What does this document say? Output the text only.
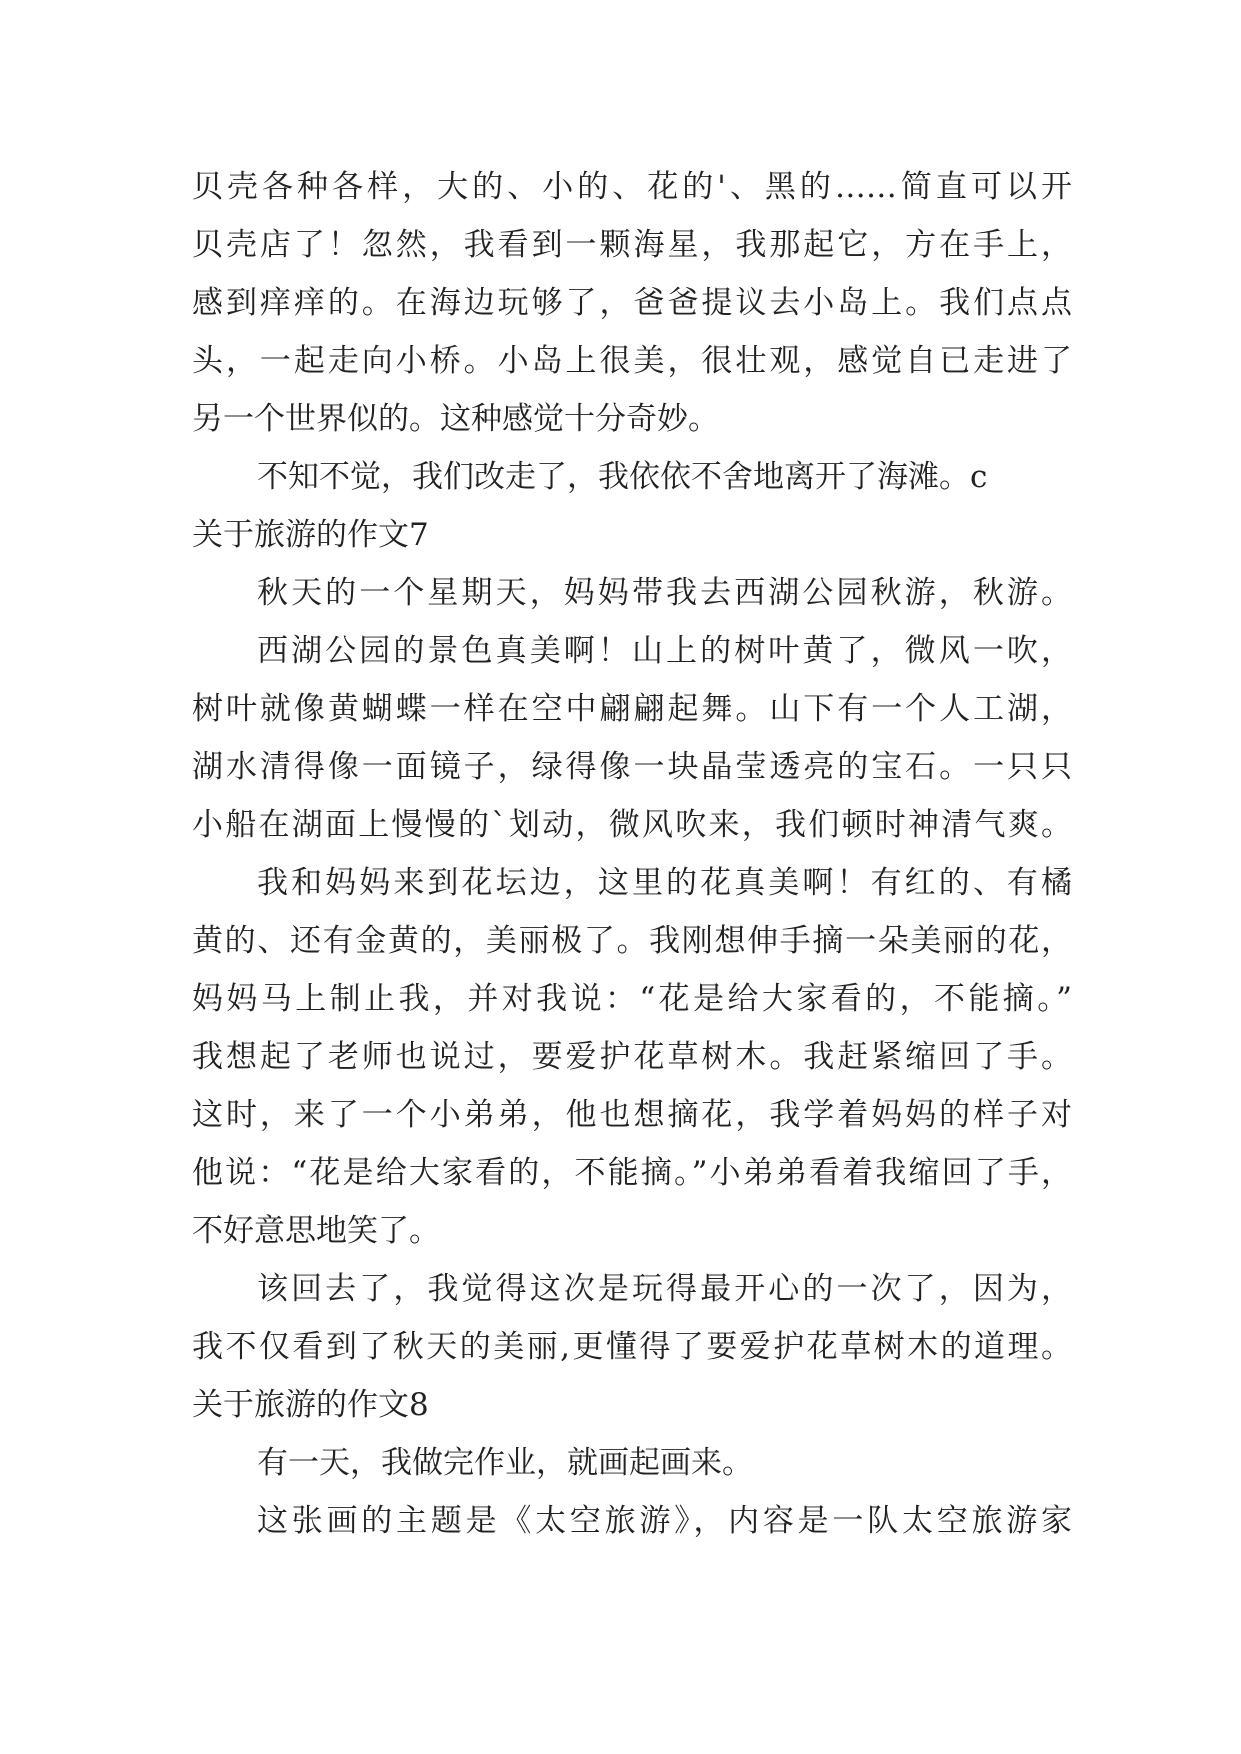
贝壳各种各样，大的、小的、花的'、黑的……简直可以开
贝壳店了！忽然，我看到一颗海星，我那起它，方在手上，
感到痒痒的。在海边玩够了，爸爸提议去小岛上。我们点点
头，一起走向小桥。小岛上很美，很壮观，感觉自已走进了
另一个世界似的。这种感觉十分奇妙。
不知不觉，我们改走了，我依依不舍地离开了海滩。c
关于旅游的作文7
秋天的一个星期天，妈妈带我去西湖公园秋游，秋游。
西湖公园的景色真美啊！山上的树叶黄了，微风一吹，
树叶就像黄蝴蝶一样在空中翩翩起舞。山下有一个人工湖，
湖水清得像一面镜子，绿得像一块晶莹透亮的宝石。一只只
小船在湖面上慢慢的`划动，微风吹来，我们顿时神清气爽。
我和妈妈来到花坛边，这里的花真美啊！有红的、有橘
黄的、还有金黄的，美丽极了。我刚想伸手摘一朵美丽的花，
妈妈马上制止我，并对我说：“花是给大家看的，不能摘。”
我想起了老师也说过，要爱护花草树木。我赶紧缩回了手。
这时，来了一个小弟弟，他也想摘花，我学着妈妈的样子对
他说：“花是给大家看的，不能摘。”小弟弟看着我缩回了手，
不好意思地笑了。
该回去了，我觉得这次是玩得最开心的一次了，因为，
我不仅看到了秋天的美丽,更懂得了要爱护花草树木的道理。
关于旅游的作文8
有一天，我做完作业，就画起画来。
这张画的主题是《太空旅游》，内容是一队太空旅游家
